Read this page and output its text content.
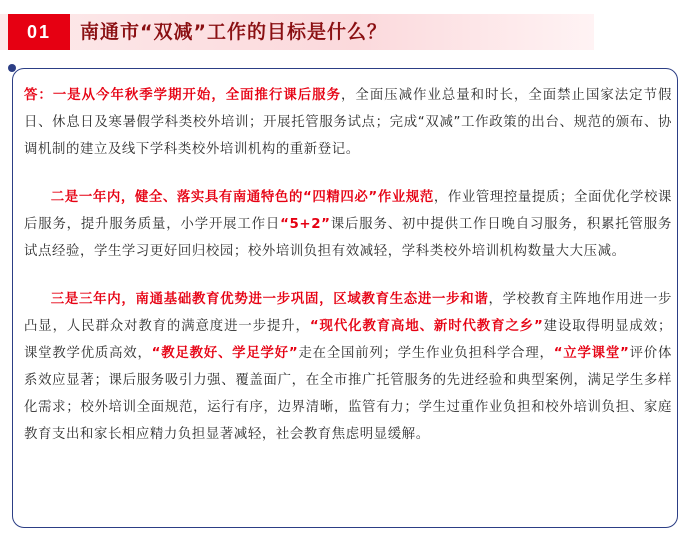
01	南通市“双减”工作的目标是什么？

答：一是从今年秋季学期开始，全面推行课后服务，全面压减作业总量和时长，全面禁止国家法定节假日、休息日及寒暑假学科类校外培训；开展托管服务试点；完成“双减”工作政策的出台、规范的颁布、协调机制的建立及线下学科类校外培训机构的重新登记。

二是一年内，健全、落实具有南通特色的“四精四必”作业规范，作业管理控量提质；全面优化学校课后服务，提升服务质量，小学开展工作日“5+2”课后服务、初中提供工作日晚自习服务，积累托管服务试点经验，学生学习更好回归校园；校外培训负担有效减轻，学科类校外培训机构数量大大压减。

三是三年内，南通基础教育优势进一步巩固，区域教育生态进一步和谐，学校教育主阵地作用进一步凸显，人民群众对教育的满意度进一步提升，“现代化教育高地、新时代教育之乡”建设取得明显成效；课堂教学优质高效，“教足教好、学足学好”走在全国前列；学生作业负担科学合理，“立学课堂”评价体系效应显著；课后服务吸引力强、覆盖面广，在全市推广托管服务的先进经验和典型案例，满足学生多样化需求；校外培训全面规范，运行有序，边界清晰，监管有力；学生过重作业负担和校外培训负担、家庭教育支出和家长相应精力负担显著减轻，社会教育焦虑明显缓解。
